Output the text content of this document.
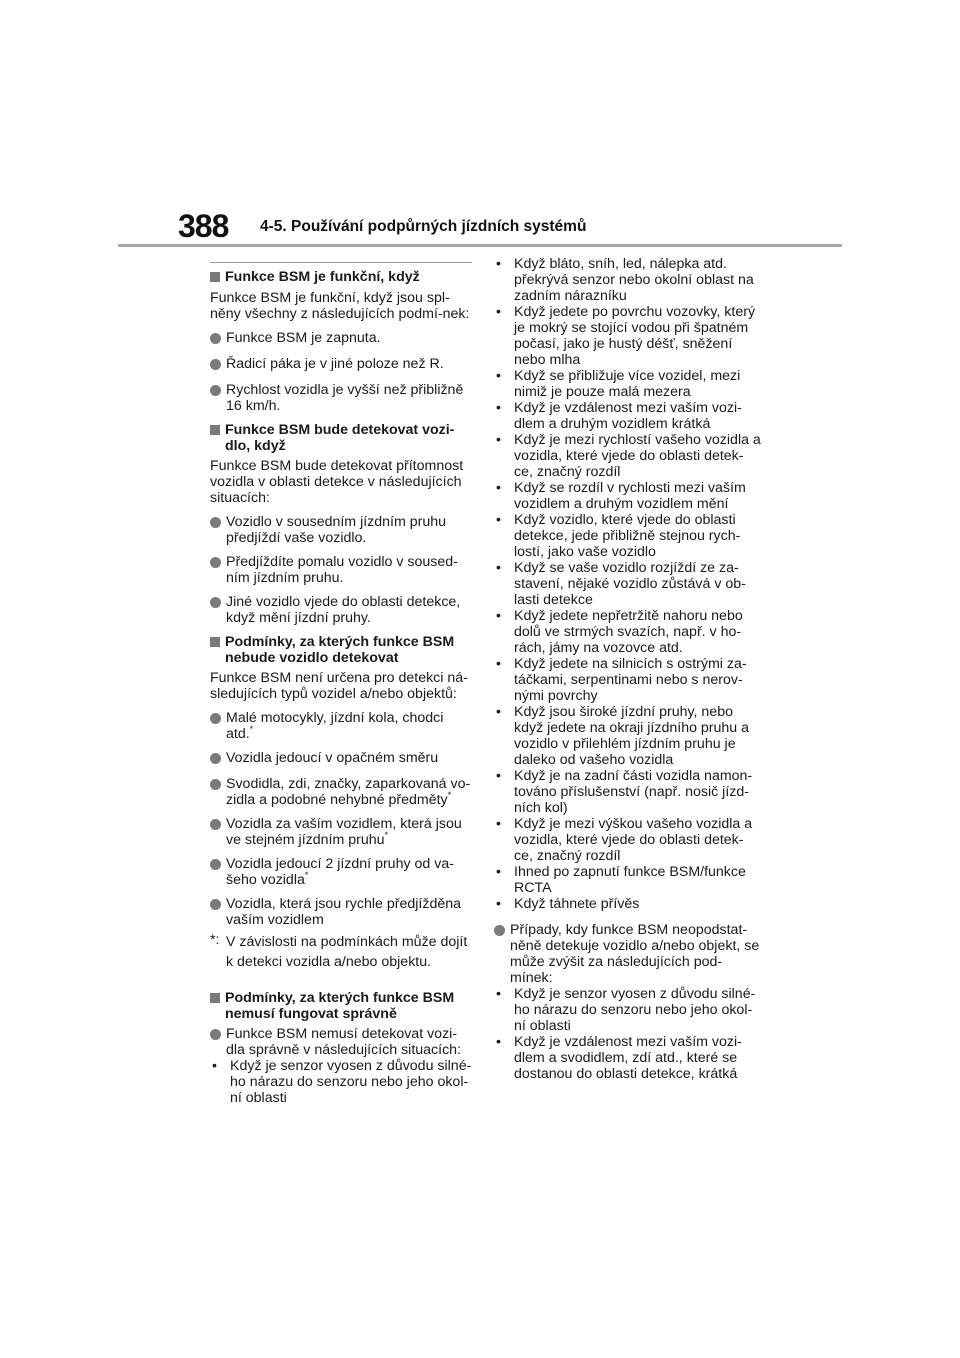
388 4-5. Používání podpůrných jízdních systémů
Funkce BSM je funkční, když
Funkce BSM je funkční, když jsou spl-něny všechny z následujících podmí-nek:
Funkce BSM je zapnuta.
Řadicí páka je v jiné poloze než R.
Rychlost vozidla je vyšší než přibližně 16 km/h.
Funkce BSM bude detekovat vozi-dlo, když
Funkce BSM bude detekovat přítomnost vozidla v oblasti detekce v následujících situacích:
Vozidlo v sousedním jízdním pruhu předjíždí vaše vozidlo.
Předjíždíte pomalu vozidlo v soused-ním jízdním pruhu.
Jiné vozidlo vjede do oblasti detekce, když mění jízdní pruhy.
Podmínky, za kterých funkce BSM nebude vozidlo detekovat
Funkce BSM není určena pro detekci ná-sledujících typů vozidel a/nebo objektů:
Malé motocykly, jízdní kola, chodci atd.*
Vozidla jedoucí v opačném směru
Svodidla, zdi, značky, zaparkovaná vo-zidla a podobné nehybné předměty*
Vozidla za vaším vozidlem, která jsou ve stejném jízdním pruhu*
Vozidla jedoucí 2 jízdní pruhy od va-šeho vozidla*
Vozidla, která jsou rychle předjížděna vaším vozidlem
*: V závislosti na podmínkách může dojít k detekci vozidla a/nebo objektu.
Podmínky, za kterých funkce BSM nemusí fungovat správně
Funkce BSM nemusí detekovat vozi-dla správně v následujících situacích:
• Když je senzor vyosen z důvodu silné-ho nárazu do senzoru nebo jeho okol-ní oblasti
• Když bláto, sníh, led, nálepka atd. překrývá senzor nebo okolní oblast na zadním nárazníku
• Když jedete po povrchu vozovky, který je mokrý se stojící vodou při špatném počasí, jako je hustý déšť, sněžení nebo mlha
• Když se přibližuje více vozidel, mezi nimiž je pouze malá mezera
• Když je vzdálenost mezi vaším vozi-dlem a druhým vozidlem krátká
• Když je mezi rychlostí vašeho vozidla a vozidla, které vjede do oblasti detek-ce, značný rozdíl
• Když se rozdíl v rychlosti mezi vaším vozidlem a druhým vozidlem mění
• Když vozidlo, které vjede do oblasti detekce, jede přibližně stejnou rych-lostí, jako vaše vozidlo
• Když se vaše vozidlo rozjíždí ze za-stavení, nějaké vozidlo zůstává v ob-lasti detekce
• Když jedete nepřetržitě nahoru nebo dolů ve strmých svazích, např. v ho-rách, jámy na vozovce atd.
• Když jedete na silnicích s ostrými za-táčkami, serpentinami nebo s nerov-nými povrchy
• Když jsou široké jízdní pruhy, nebo když jedete na okraji jízdního pruhu a vozidlo v přilehlém jízdním pruhu je daleko od vašeho vozidla
• Když je na zadní části vozidla namon-továno příslušenství (např. nosič jízd-ních kol)
• Když je mezi výškou vašeho vozidla a vozidla, které vjede do oblasti detek-ce, značný rozdíl
• Ihned po zapnutí funkce BSM/funkce RCTA
• Když táhnete přívěs
Případy, kdy funkce BSM neopodstat-něně detekuje vozidlo a/nebo objekt, se může zvýšit za následujících pod-mínek:
• Když je senzor vyosen z důvodu silné-ho nárazu do senzoru nebo jeho okol-ní oblasti
• Když je vzdálenost mezi vaším vozi-dlem a svodidlem, zdí atd., které se dostanou do oblasti detekce, krátká
